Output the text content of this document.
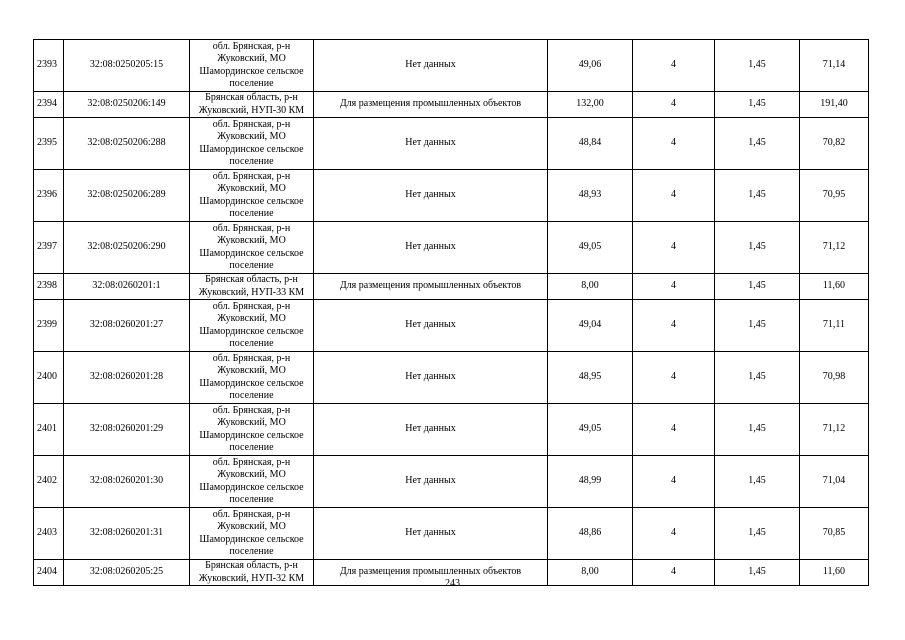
2393	32:08:0250205:15	обл. Брянская, р-н
Жуковский, МО
Шамординское сельское
поселение	Нет данных	49,06	4	1,45	71,14
2394	32:08:0250206:149	Брянская область, р-н
Жуковский, НУП-30 КМ	Для размещения промышленных объектов	132,00	4	1,45	191,40
2395	32:08:0250206:288	обл. Брянская, р-н
Жуковский, МО
Шамординское сельское
поселение	Нет данных	48,84	4	1,45	70,82
2396	32:08:0250206:289	обл. Брянская, р-н
Жуковский, МО
Шамординское сельское
поселение	Нет данных	48,93	4	1,45	70,95
2397	32:08:0250206:290	обл. Брянская, р-н
Жуковский, МО
Шамординское сельское
поселение	Нет данных	49,05	4	1,45	71,12
2398	32:08:0260201:1	Брянская область, р-н
Жуковский, НУП-33 КМ	Для размещения промышленных объектов	8,00	4	1,45	11,60
2399	32:08:0260201:27	обл. Брянская, р-н
Жуковский, МО
Шамординское сельское
поселение	Нет данных	49,04	4	1,45	71,11
2400	32:08:0260201:28	обл. Брянская, р-н
Жуковский, МО
Шамординское сельское
поселение	Нет данных	48,95	4	1,45	70,98
2401	32:08:0260201:29	обл. Брянская, р-н
Жуковский, МО
Шамординское сельское
поселение	Нет данных	49,05	4	1,45	71,12
2402	32:08:0260201:30	обл. Брянская, р-н
Жуковский, МО
Шамординское сельское
поселение	Нет данных	48,99	4	1,45	71,04
2403	32:08:0260201:31	обл. Брянская, р-н
Жуковский, МО
Шамординское сельское
поселение	Нет данных	48,86	4	1,45	70,85
2404	32:08:0260205:25	Брянская область, р-н
Жуковский, НУП-32 КМ	Для размещения промышленных объектов	8,00	4	1,45	11,60
243
